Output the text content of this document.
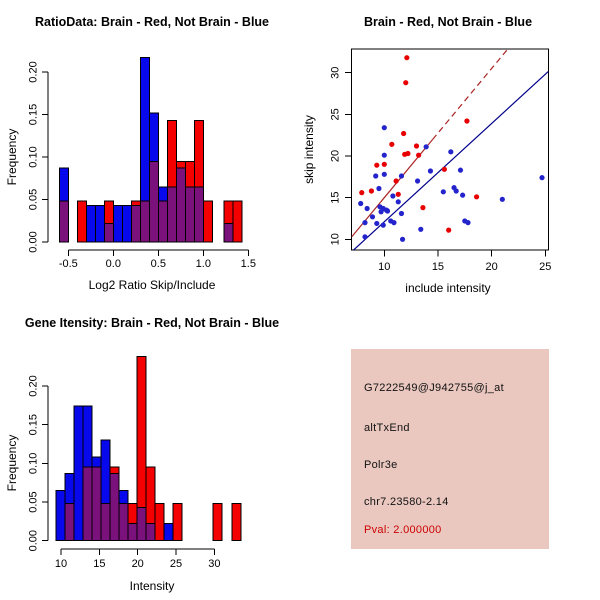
RatioData: Brain - Red, Not Brain - Blue
-0.5	0.0	0.5	1.0	1.5
Log2 Ratio Skip/Include
0.00
0.05
0.10
0.15
0.20
Frequency
Brain - Red, Not Brain - Blue
10	15	20	25
include intensity
10
15
20
25
30
skip intensity
Gene Itensity: Brain - Red, Not Brain - Blue
10 15 20 25 30
Intensity
0.00
0.05
0.10
0.15
0.20
Frequency
G7222549@J942755@j_at
altTxEnd
Polr3e
chr7.23580-2.14
Pval: 2.000000
